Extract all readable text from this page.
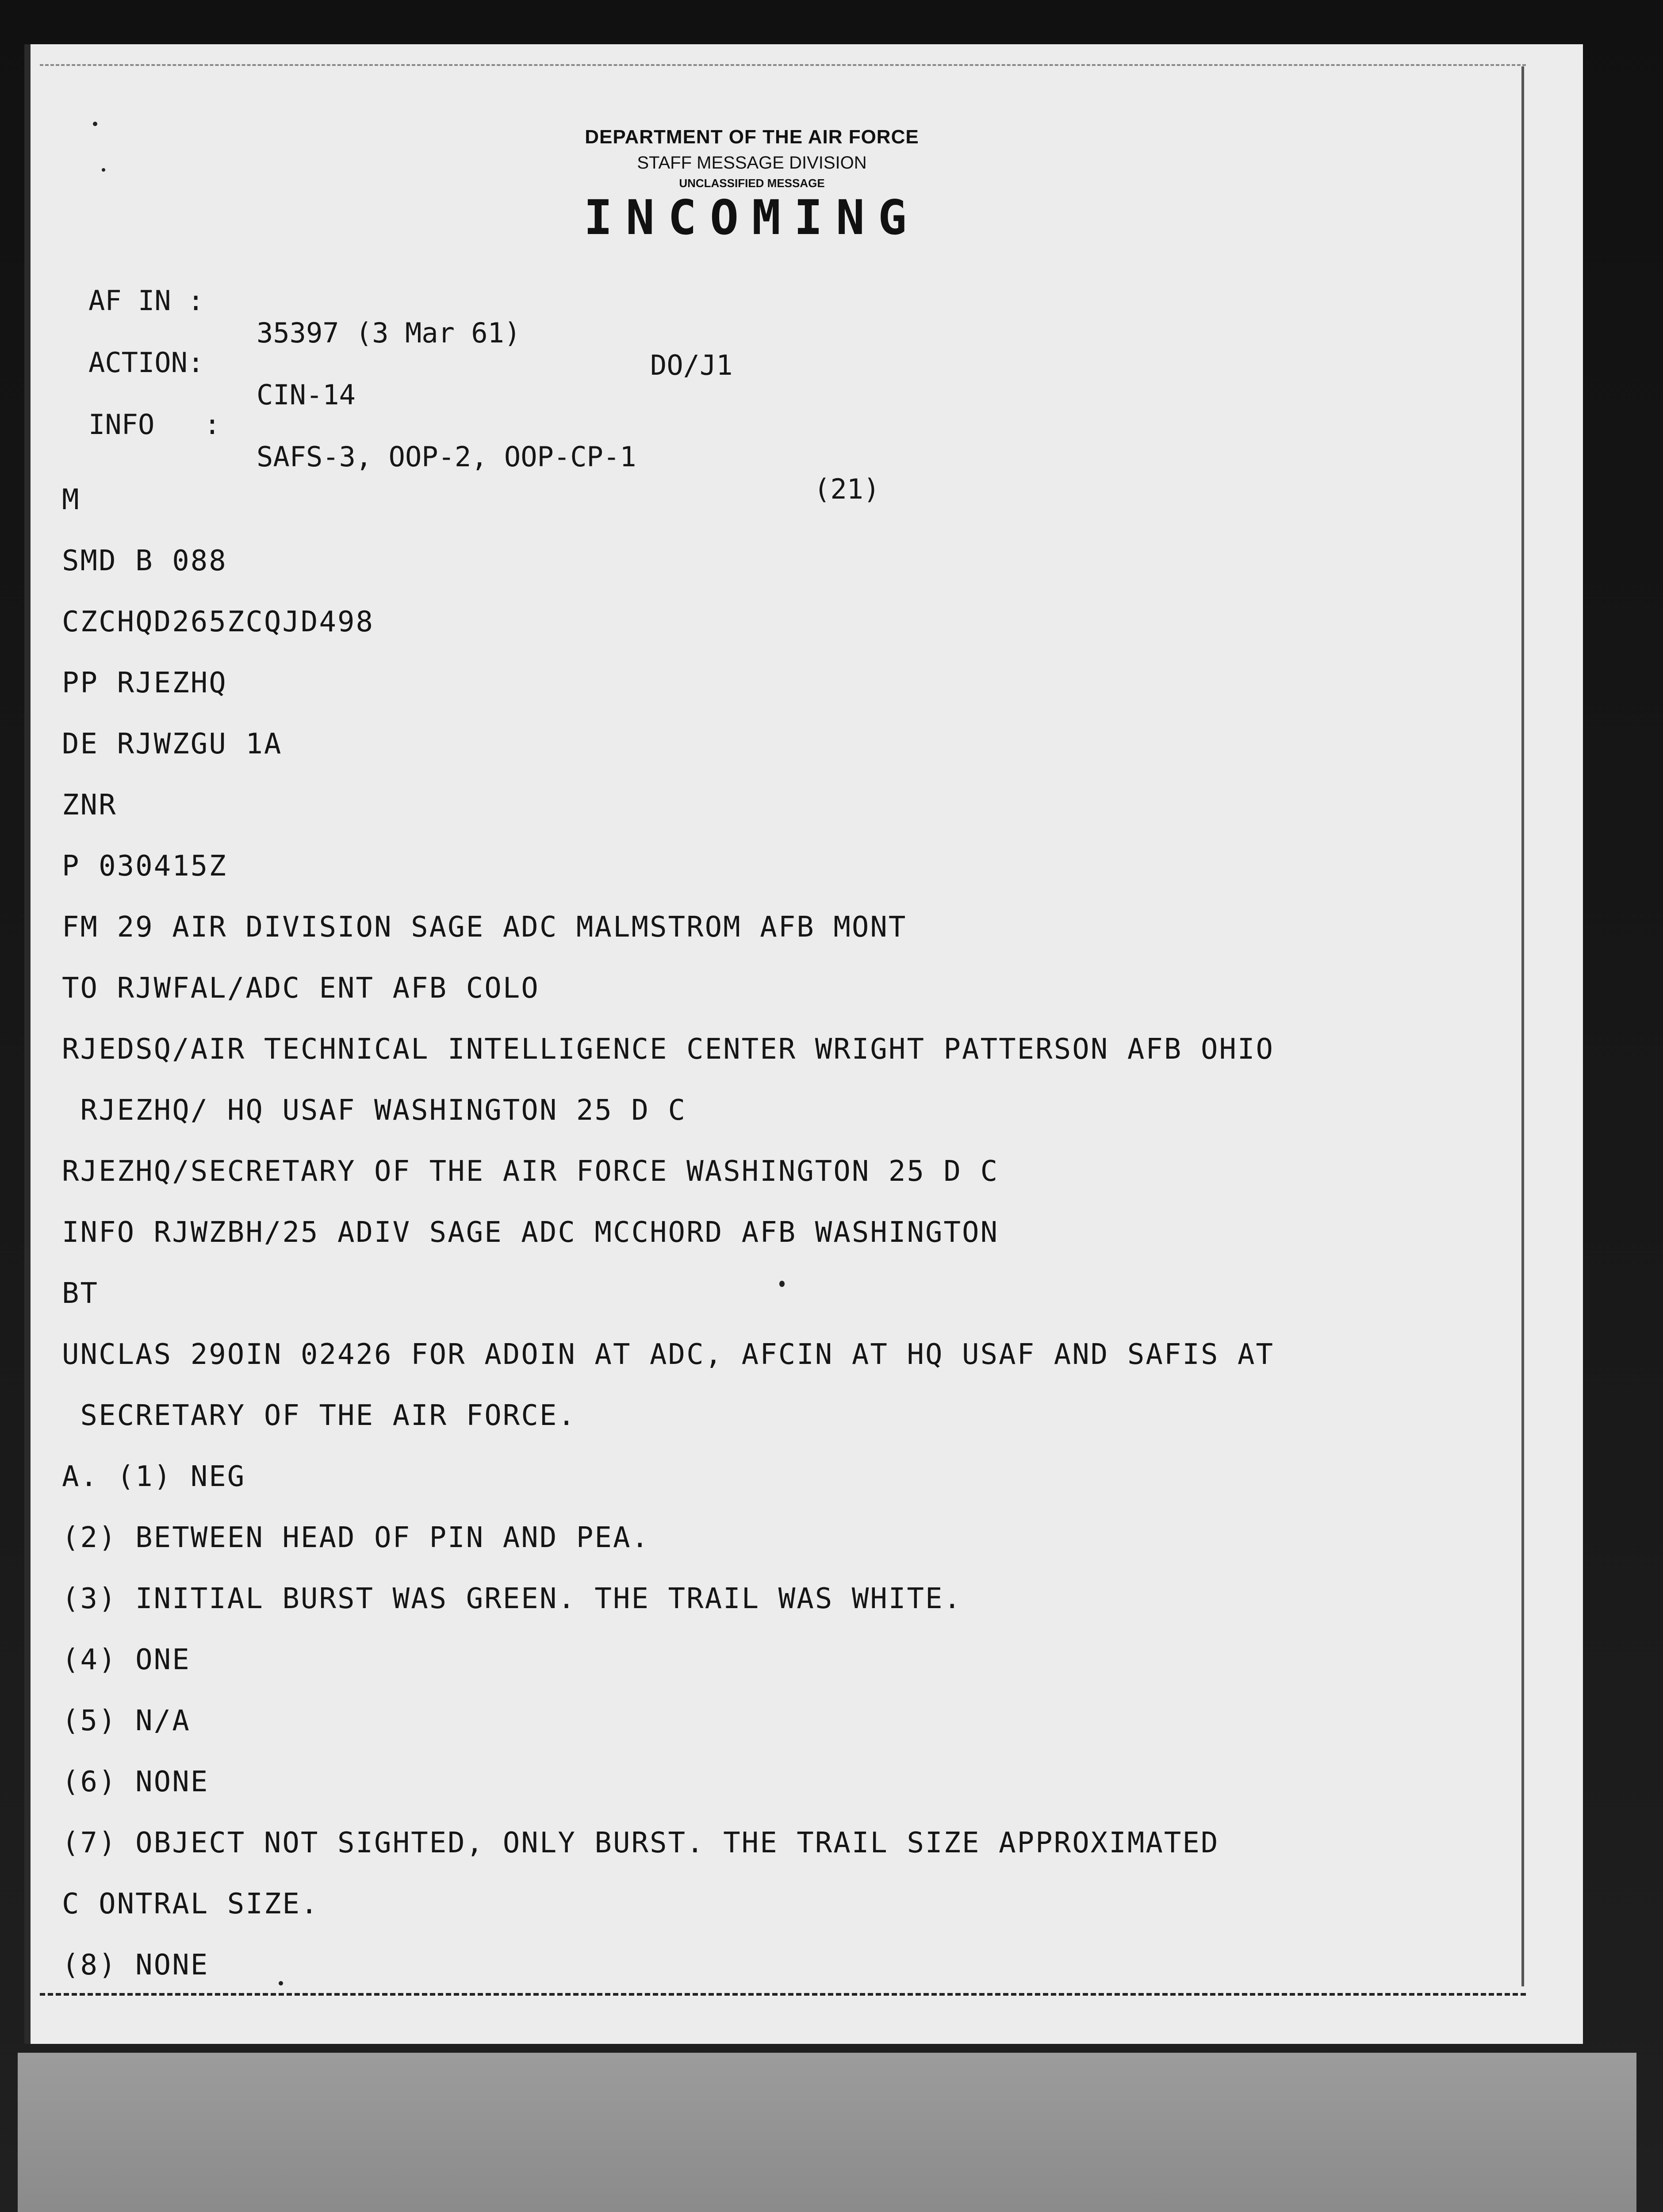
DEPARTMENT OF THE AIR FORCE
STAFF MESSAGE DIVISION
UNCLASSIFIED MESSAGE
INCOMING

AF IN :

35397 (3 Mar 61)

DO/J1

ACTION:

CIN-14

INFO   :

SAFS-3, OOP-2, OOP-CP-1

(21)

M
SMD B 088
CZCHQD265ZCQJD498
PP RJEZHQ
DE RJWZGU 1A
ZNR
P 030415Z
FM 29 AIR DIVISION SAGE ADC MALMSTROM AFB MONT
TO RJWFAL/ADC ENT AFB COLO
RJEDSQ/AIR TECHNICAL INTELLIGENCE CENTER WRIGHT PATTERSON AFB OHIO
RJEZHQ/ HQ USAF WASHINGTON 25 D C
RJEZHQ/SECRETARY OF THE AIR FORCE WASHINGTON 25 D C
INFO RJWZBH/25 ADIV SAGE ADC MCCHORD AFB WASHINGTON
BT
UNCLAS 29OIN 02426 FOR ADOIN AT ADC, AFCIN AT HQ USAF AND SAFIS AT
SECRETARY OF THE AIR FORCE.
A. (1) NEG
(2) BETWEEN HEAD OF PIN AND PEA.
(3) INITIAL BURST WAS GREEN. THE TRAIL WAS WHITE.
(4) ONE
(5) N/A
(6) NONE
(7) OBJECT NOT SIGHTED, ONLY BURST. THE TRAIL SIZE APPROXIMATED
C ONTRAL SIZE.
(8) NONE
